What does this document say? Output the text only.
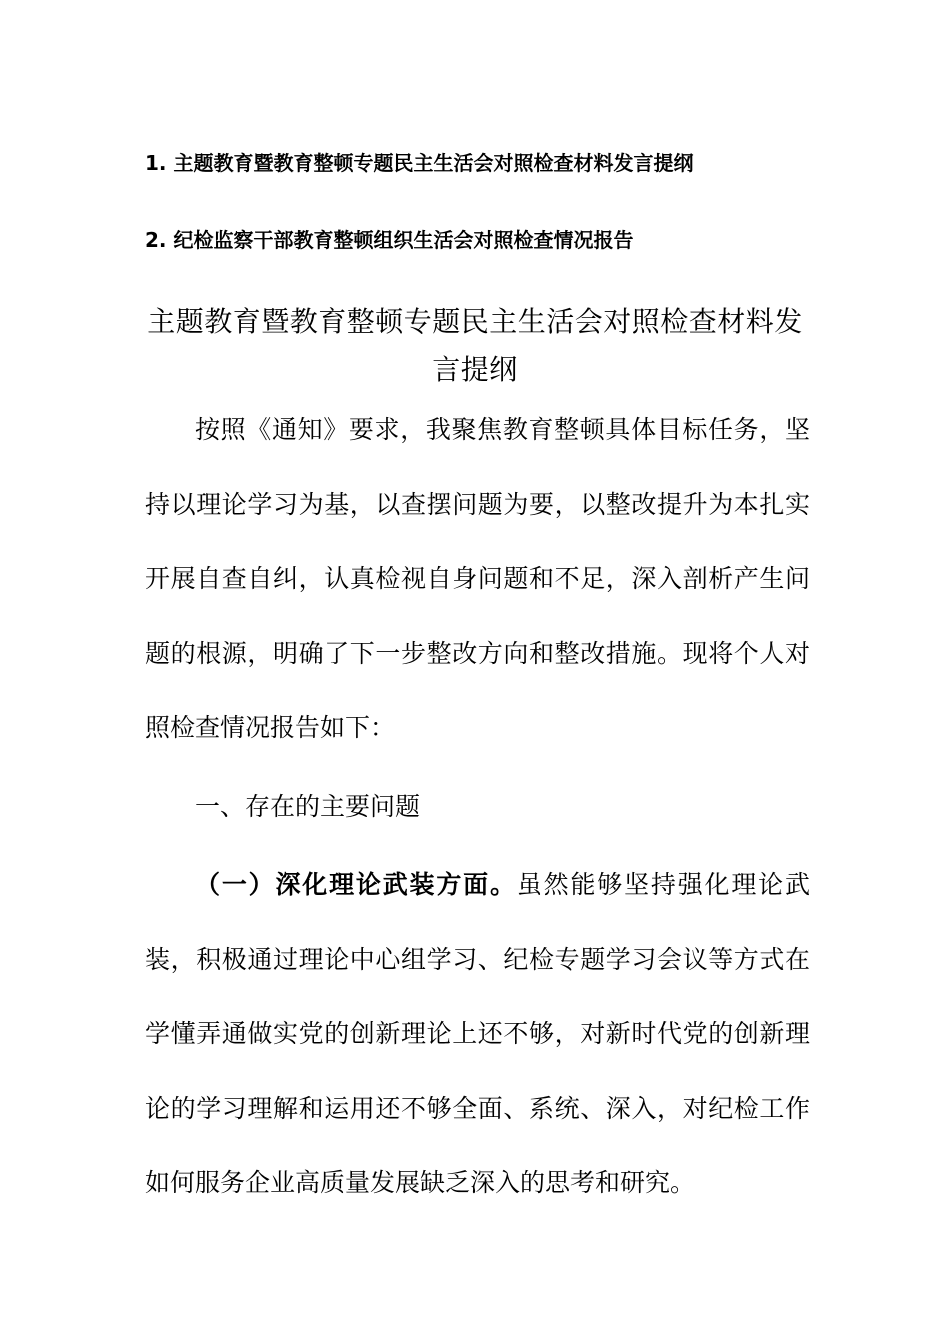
1. 主题教育暨教育整顿专题民主生活会对照检查材料发言提纲
2. 纪检监察干部教育整顿组织生活会对照检查情况报告
主题教育暨教育整顿专题民主生活会对照检查材料发言提纲

按照《通知》要求，我聚焦教育整顿具体目标任务，坚持以理论学习为基，以查摆问题为要，以整改提升为本扎实开展自查自纠，认真检视自身问题和不足，深入剖析产生问题的根源，明确了下一步整改方向和整改措施。现将个人对照检查情况报告如下：

一、存在的主要问题

（一）深化理论武装方面。虽然能够坚持强化理论武装，积极通过理论中心组学习、纪检专题学习会议等方式在学懂弄通做实党的创新理论上还不够，对新时代党的创新理论的学习理解和运用还不够全面、系统、深入，对纪检工作如何服务企业高质量发展缺乏深入的思考和研究。
